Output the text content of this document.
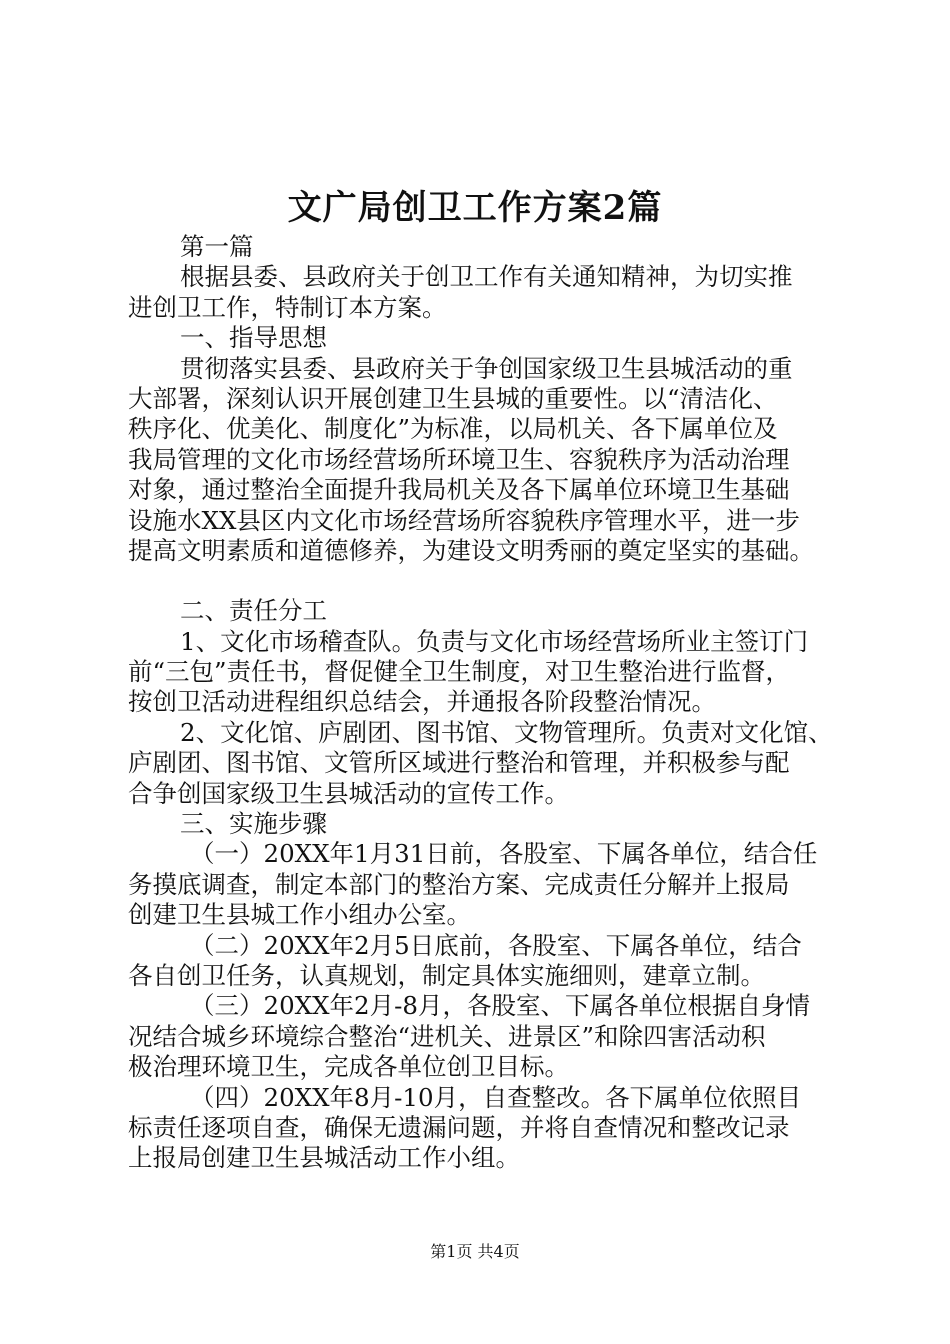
文广局创卫工作方案2篇
第一篇
根据县委、县政府关于创卫工作有关通知精神，为切实推
进创卫工作，特制订本方案。
一、指导思想
贯彻落实县委、县政府关于争创国家级卫生县城活动的重
大部署，深刻认识开展创建卫生县城的重要性。以“清洁化、
秩序化、优美化、制度化”为标准，以局机关、各下属单位及
我局管理的文化市场经营场所环境卫生、容貌秩序为活动治理
对象，通过整治全面提升我局机关及各下属单位环境卫生基础
设施水XX县区内文化市场经营场所容貌秩序管理水平，进一步
提高文明素质和道德修养，为建设文明秀丽的奠定坚实的基础。
二、责任分工
1、文化市场稽查队。负责与文化市场经营场所业主签订门
前“三包”责任书，督促健全卫生制度，对卫生整治进行监督，
按创卫活动进程组织总结会，并通报各阶段整治情况。
2、文化馆、庐剧团、图书馆、文物管理所。负责对文化馆、
庐剧团、图书馆、文管所区域进行整治和管理，并积极参与配
合争创国家级卫生县城活动的宣传工作。
三、实施步骤
（一）20XX年1月31日前，各股室、下属各单位，结合任
务摸底调查，制定本部门的整治方案、完成责任分解并上报局
创建卫生县城工作小组办公室。
（二）20XX年2月5日底前，各股室、下属各单位，结合
各自创卫任务，认真规划，制定具体实施细则，建章立制。
（三）20XX年2月-8月，各股室、下属各单位根据自身情
况结合城乡环境综合整治“进机关、进景区”和除四害活动积
极治理环境卫生，完成各单位创卫目标。
（四）20XX年8月-10月，自查整改。各下属单位依照目
标责任逐项自查，确保无遗漏问题，并将自查情况和整改记录
上报局创建卫生县城活动工作小组。
第1页 共4页
